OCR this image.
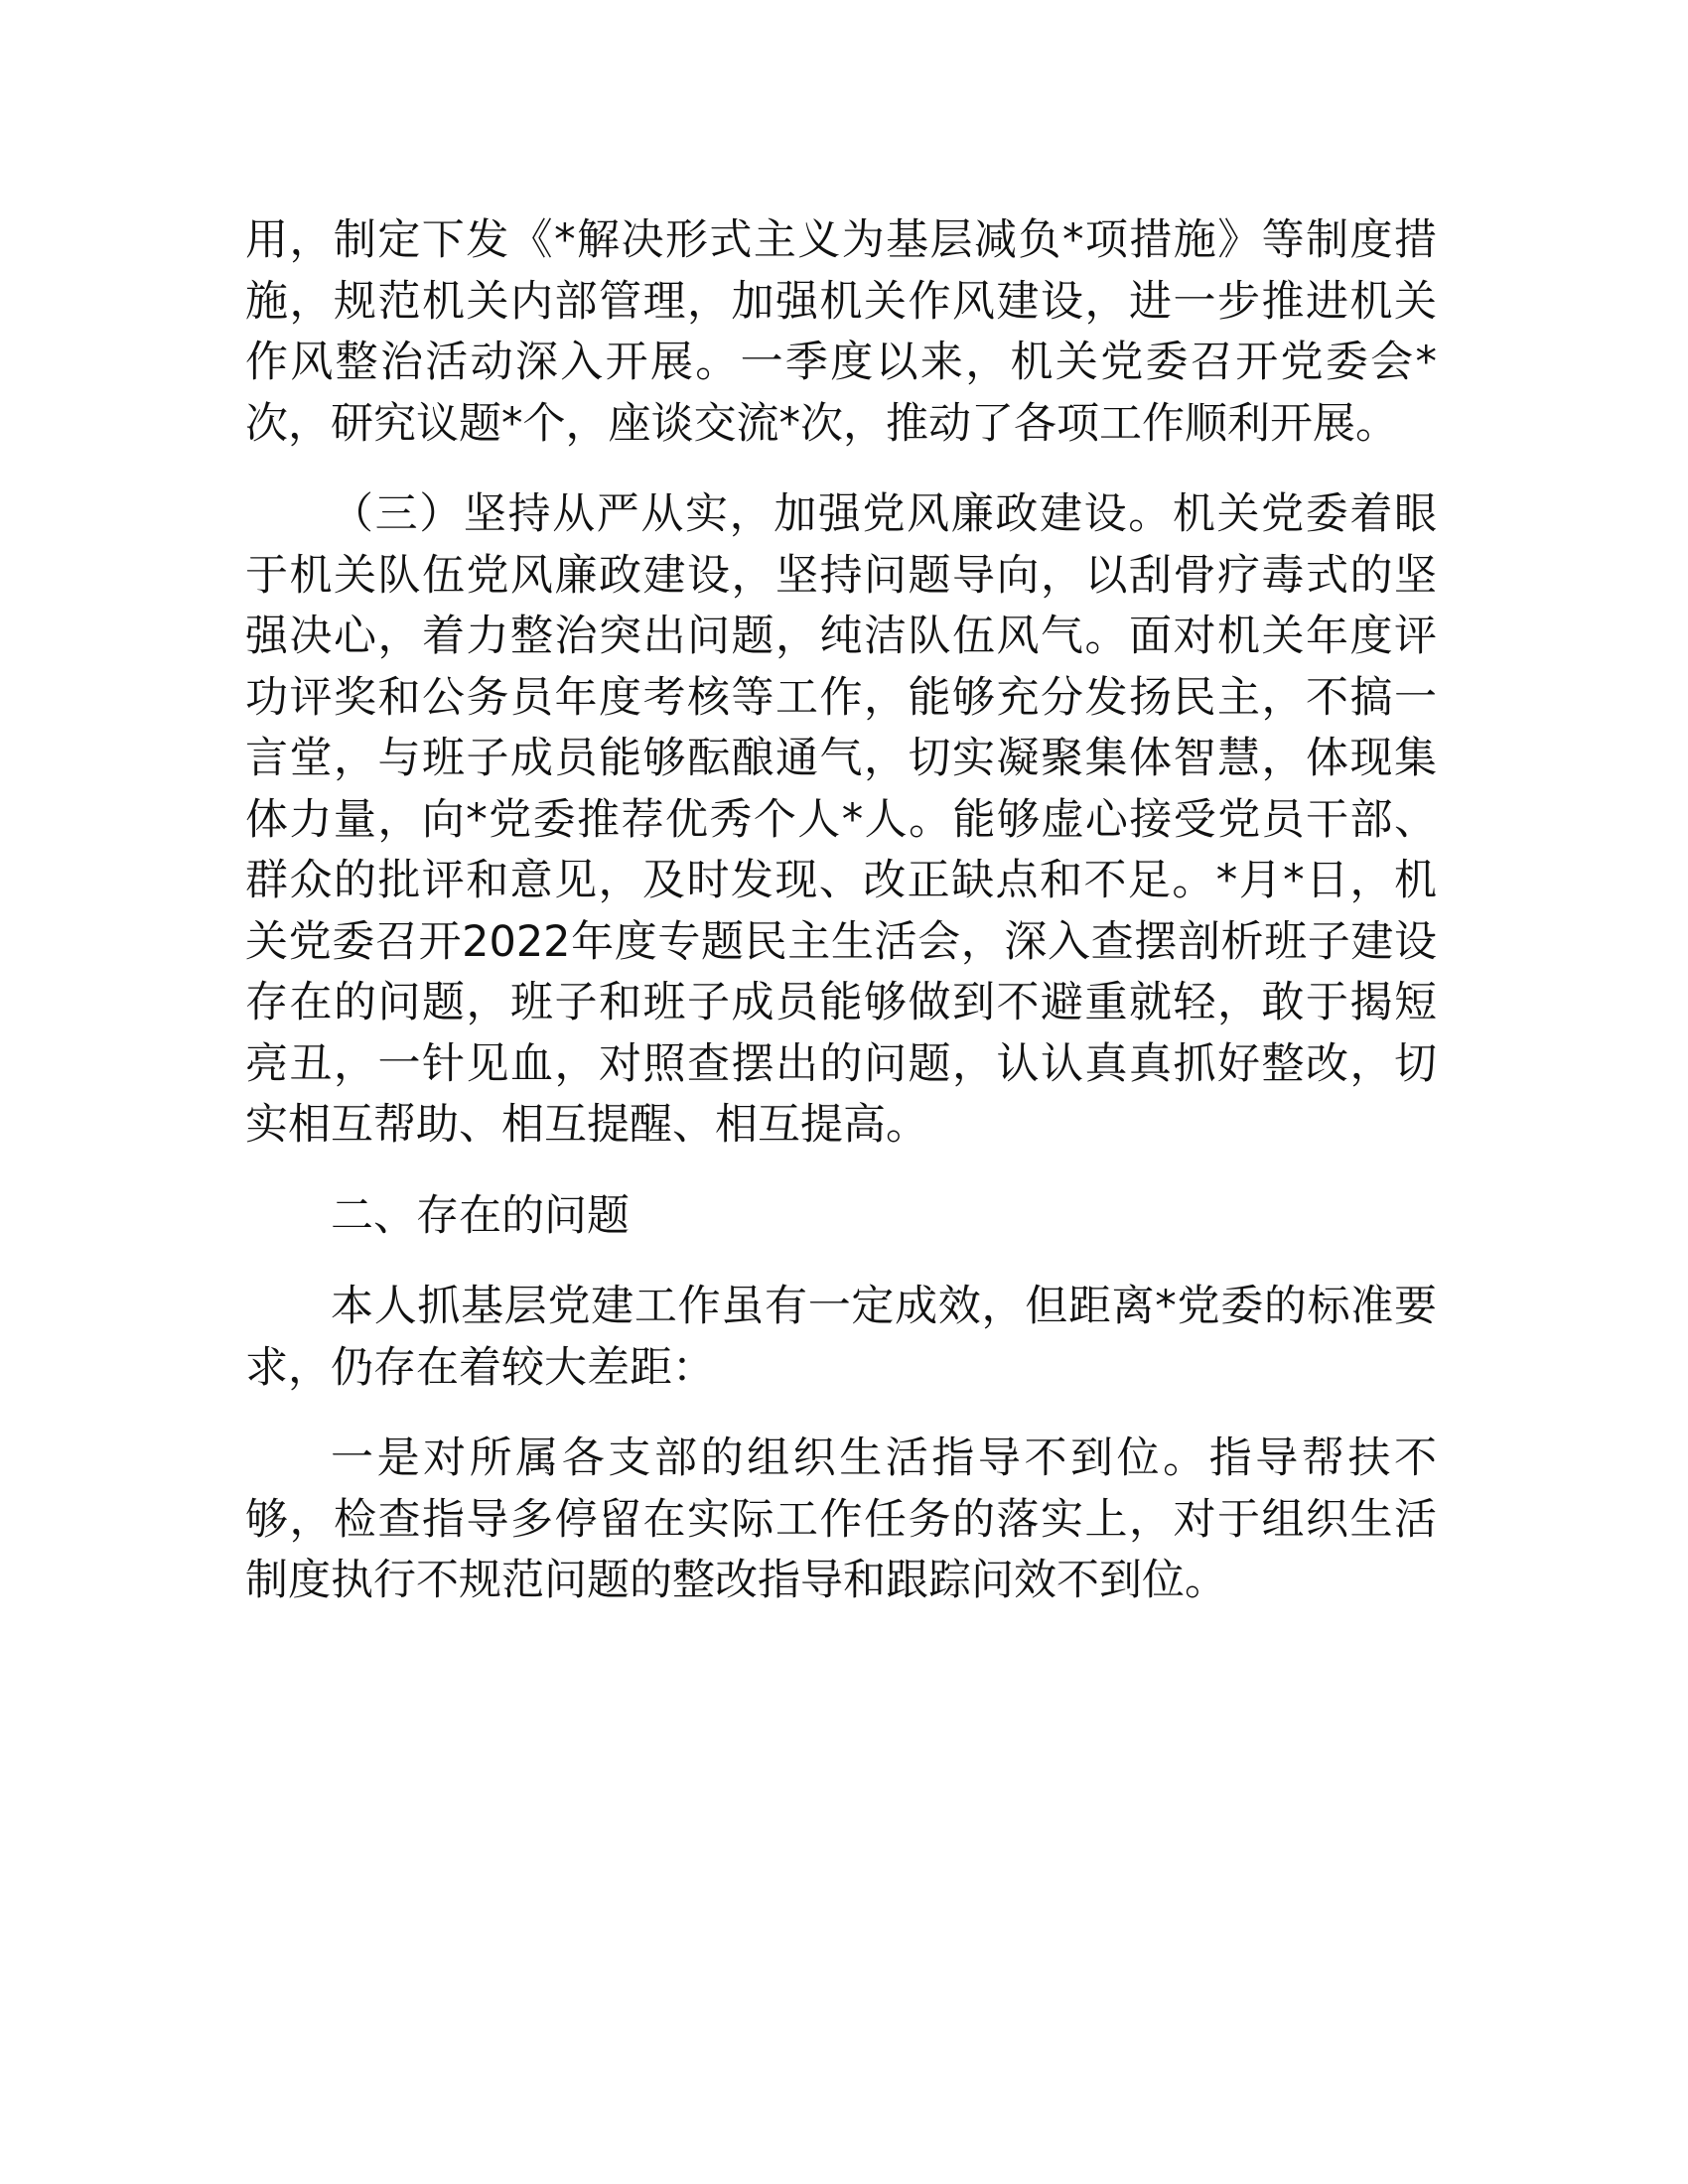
用，制定下发《*解决形式主义为基层减负*项措施》等制度措施，规范机关内部管理，加强机关作风建设，进一步推进机关作风整治活动深入开展。一季度以来，机关党委召开党委会*次，研究议题*个，座谈交流*次，推动了各项工作顺利开展。

（三）坚持从严从实，加强党风廉政建设。机关党委着眼于机关队伍党风廉政建设，坚持问题导向，以刮骨疗毒式的坚强决心，着力整治突出问题，纯洁队伍风气。面对机关年度评功评奖和公务员年度考核等工作，能够充分发扬民主，不搞一言堂，与班子成员能够酝酿通气，切实凝聚集体智慧，体现集体力量，向*党委推荐优秀个人*人。能够虚心接受党员干部、群众的批评和意见，及时发现、改正缺点和不足。*月*日，机关党委召开2022年度专题民主生活会，深入查摆剖析班子建设存在的问题，班子和班子成员能够做到不避重就轻，敢于揭短亮丑，一针见血，对照查摆出的问题，认认真真抓好整改，切实相互帮助、相互提醒、相互提高。

二、存在的问题

本人抓基层党建工作虽有一定成效，但距离*党委的标准要求，仍存在着较大差距：

一是对所属各支部的组织生活指导不到位。指导帮扶不够，检查指导多停留在实际工作任务的落实上，对于组织生活制度执行不规范问题的整改指导和跟踪问效不到位。
